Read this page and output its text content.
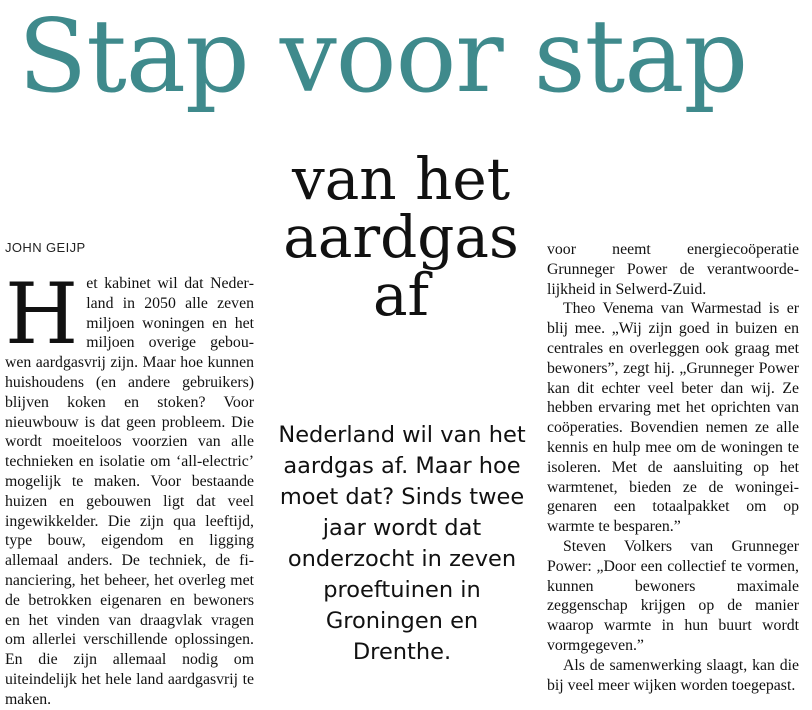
Stap voor stap
van het aardgas af
JOHN GEIJP
Nederland wil van het aardgas af. Maar hoe moet dat? Sinds twee jaar wordt dat onderzocht in zeven proeftuinen in Groningen en Drenthe.

Het kabinet wil dat Nederland in 2050 alle zeven miljoen woningen en het miljoen overige gebouwen aardgasvrij zijn. Maar hoe kunnen huishoudens (en andere gebruikers) blijven koken en stoken? Voor nieuwbouw is dat geen probleem. Die wordt moeiteloos voorzien van alle technieken en isolatie om ‘all-electric’ mogelijk te maken. Voor bestaande huizen en gebouwen ligt dat veel ingewikkelder. Die zijn qua leeftijd, type bouw, eigendom en ligging allemaal anders. De techniek, de financiering, het beheer, het overleg met de betrokken eigenaren en bewoners en het vinden van draagvlak vragen om allerlei verschillende oplossingen. En die zijn allemaal nodig om uiteindelijk het hele land aardgasvrij te maken.

voor neemt energiecoöperatie Grunneger Power de verantwoordelijkheid in Selwerd-Zuid.

Theo Venema van Warmestad is er blij mee. „Wij zijn goed in buizen en centrales en overleggen ook graag met bewoners”, zegt hij. „Grunneger Power kan dit echter veel beter dan wij. Ze hebben ervaring met het oprichten van coöperaties. Bovendien nemen ze alle kennis en hulp mee om de woningen te isoleren. Met de aansluiting op het warmtenet, bieden ze de woningeigenaren een totaalpakket om op warmte te besparen.”

Steven Volkers van Grunneger Power: „Door een collectief te vormen, kunnen bewoners maximale zeggenschap krijgen op de manier waarop warmte in hun buurt wordt vormgegeven.”

Als de samenwerking slaagt, kan die bij veel meer wijken worden toegepast.
